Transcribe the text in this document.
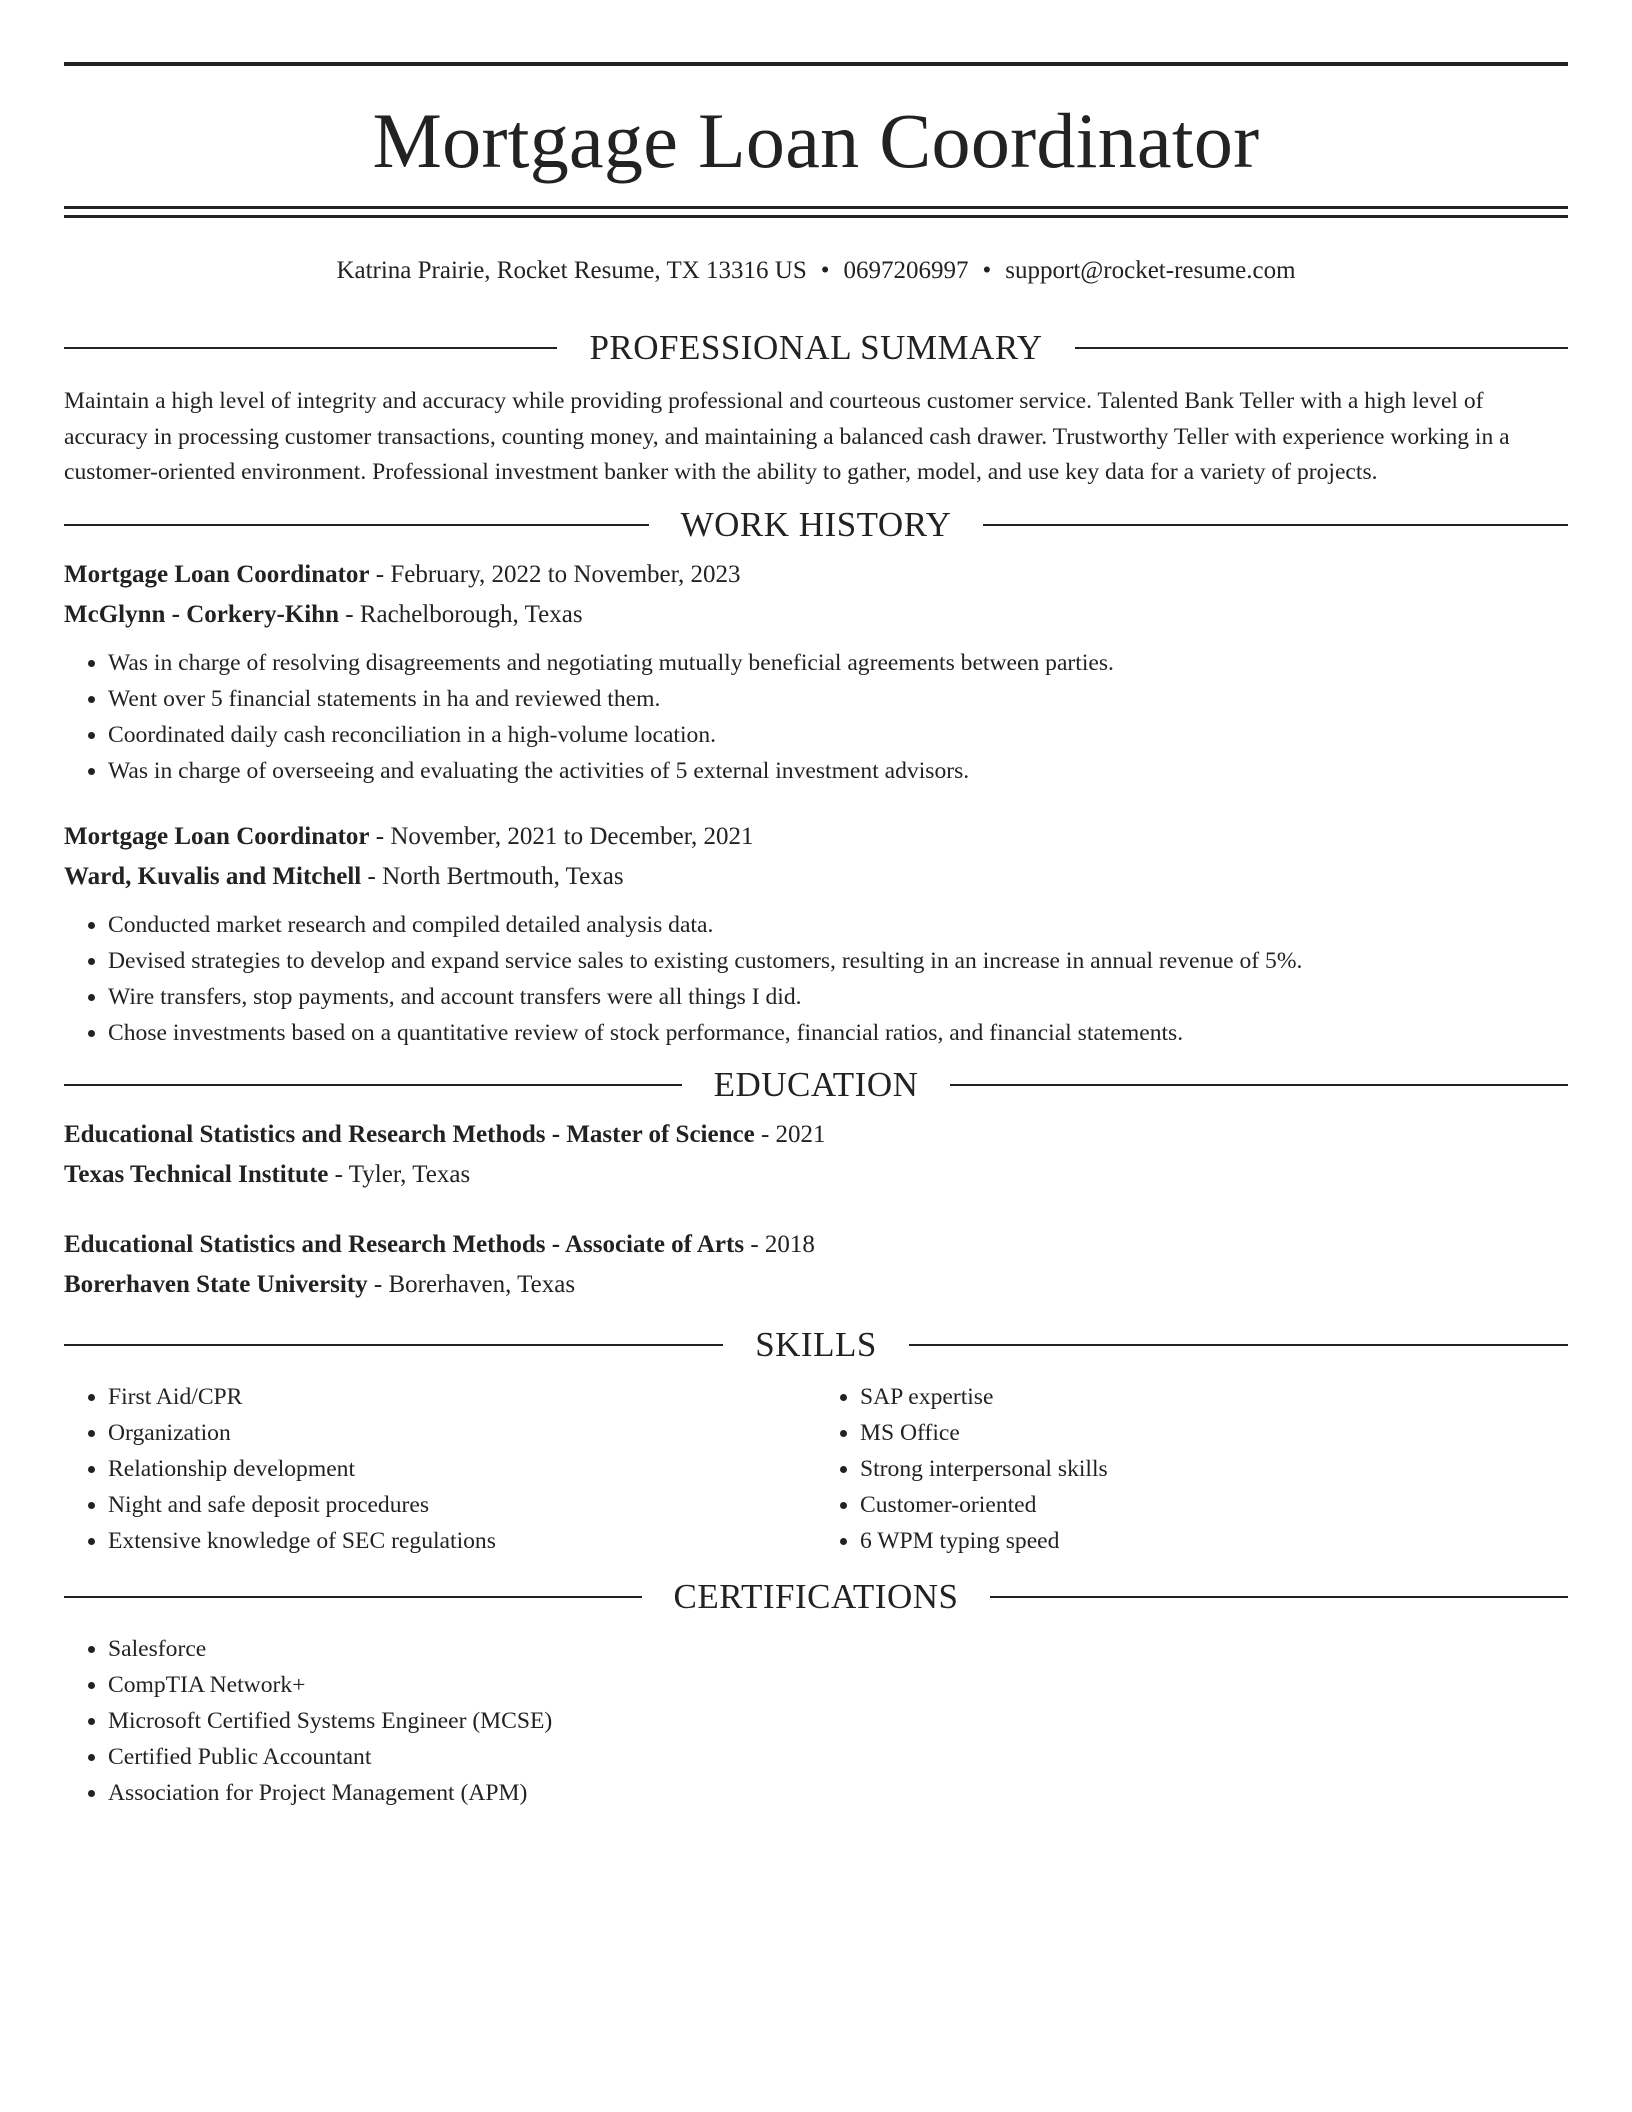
Mortgage Loan Coordinator
Katrina Prairie, Rocket Resume, TX 13316 US • 0697206997 • support@rocket-resume.com
PROFESSIONAL SUMMARY

Maintain a high level of integrity and accuracy while providing professional and courteous customer service. Talented Bank Teller with a high level of accuracy in processing customer transactions, counting money, and maintaining a balanced cash drawer. Trustworthy Teller with experience working in a customer-oriented environment. Professional investment banker with the ability to gather, model, and use key data for a variety of projects.

WORK HISTORY
Mortgage Loan Coordinator - February, 2022 to November, 2023
McGlynn - Corkery-Kihn - Rachelborough, Texas
• Was in charge of resolving disagreements and negotiating mutually beneficial agreements between parties.
• Went over 5 financial statements in ha and reviewed them.
• Coordinated daily cash reconciliation in a high-volume location.
• Was in charge of overseeing and evaluating the activities of 5 external investment advisors.
Mortgage Loan Coordinator - November, 2021 to December, 2021
Ward, Kuvalis and Mitchell - North Bertmouth, Texas
• Conducted market research and compiled detailed analysis data.
• Devised strategies to develop and expand service sales to existing customers, resulting in an increase in annual revenue of 5%.
• Wire transfers, stop payments, and account transfers were all things I did.
• Chose investments based on a quantitative review of stock performance, financial ratios, and financial statements.
EDUCATION
Educational Statistics and Research Methods - Master of Science - 2021
Texas Technical Institute - Tyler, Texas
Educational Statistics and Research Methods - Associate of Arts - 2018
Borerhaven State University - Borerhaven, Texas
SKILLS
• First Aid/CPR
• Organization
• Relationship development
• Night and safe deposit procedures
• Extensive knowledge of SEC regulations
• SAP expertise
• MS Office
• Strong interpersonal skills
• Customer-oriented
• 6 WPM typing speed
CERTIFICATIONS
• Salesforce
• CompTIA Network+
• Microsoft Certified Systems Engineer (MCSE)
• Certified Public Accountant
• Association for Project Management (APM)
